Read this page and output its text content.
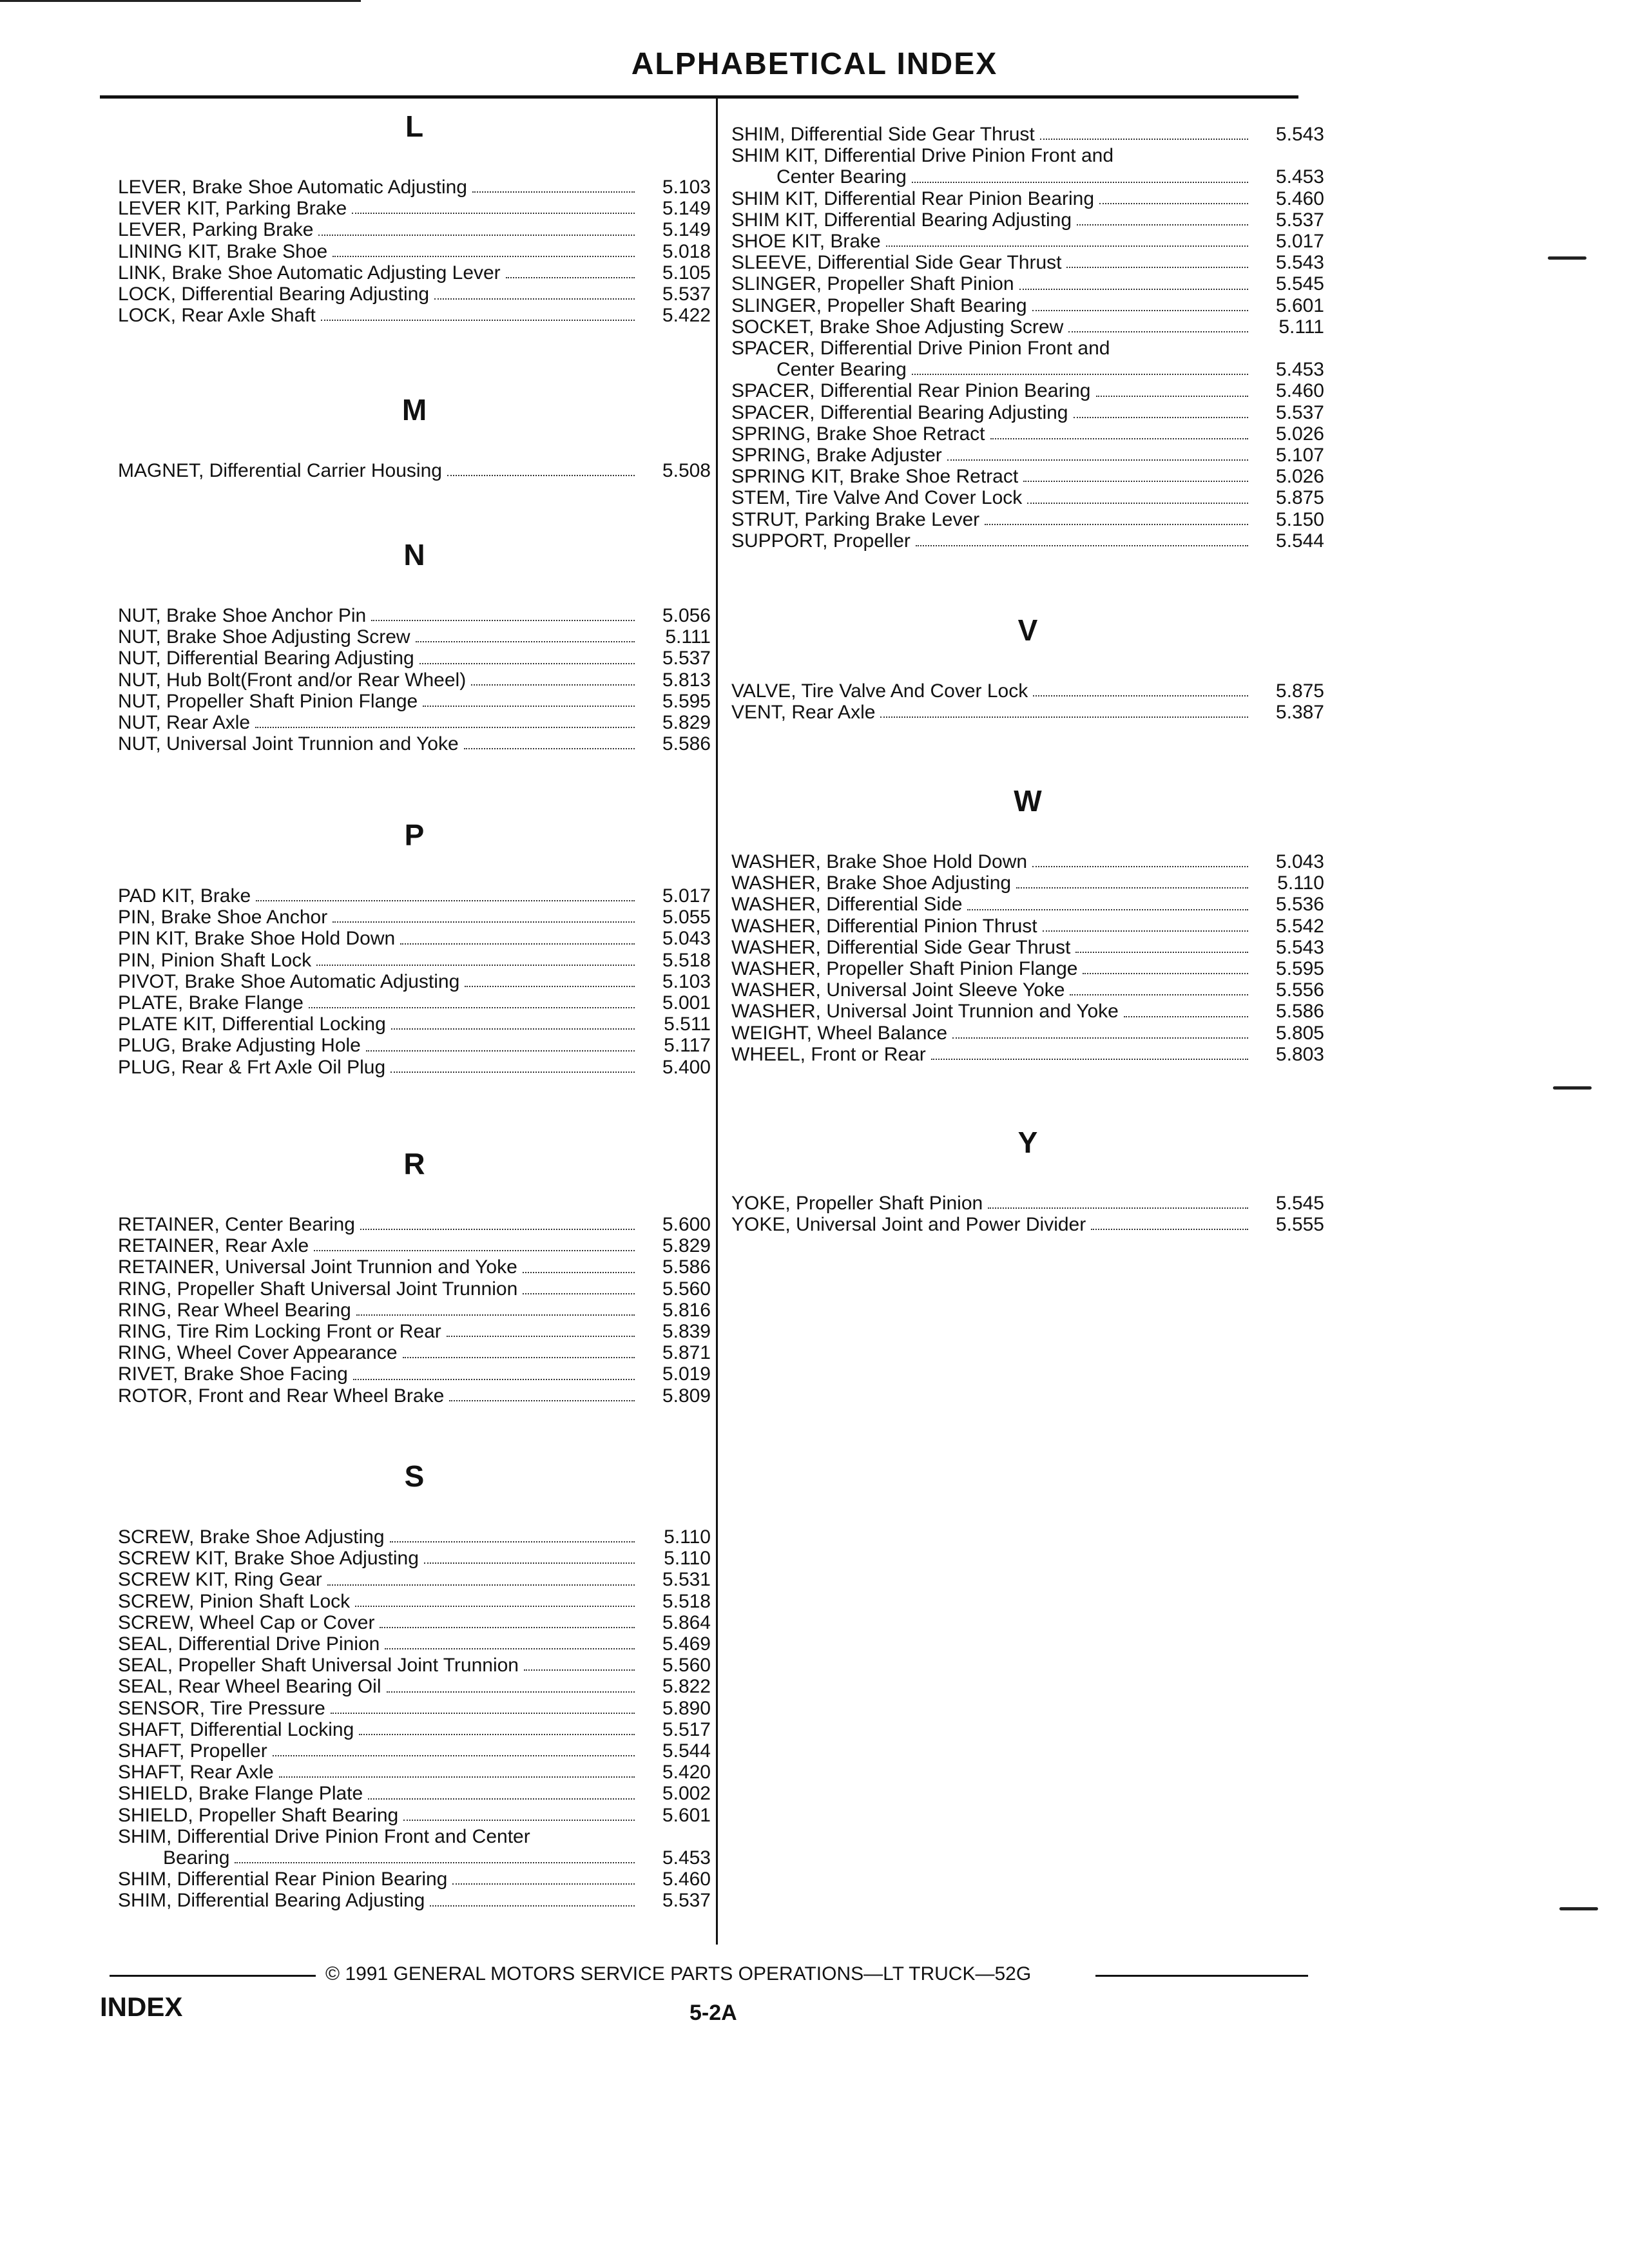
ALPHABETICAL INDEX
L
LEVER, Brake Shoe Automatic Adjusting	5.103
LEVER KIT, Parking Brake	5.149
LEVER, Parking Brake	5.149
LINING KIT, Brake Shoe	5.018
LINK, Brake Shoe Automatic Adjusting Lever	5.105
LOCK, Differential Bearing Adjusting	5.537
LOCK, Rear Axle Shaft	5.422
M
MAGNET, Differential Carrier Housing	5.508
N
NUT, Brake Shoe Anchor Pin	5.056
NUT, Brake Shoe Adjusting Screw	5.111
NUT, Differential Bearing Adjusting	5.537
NUT, Hub Bolt(Front and/or Rear Wheel)	5.813
NUT, Propeller Shaft Pinion Flange	5.595
NUT, Rear Axle	5.829
NUT, Universal Joint Trunnion and Yoke	5.586
P
PAD KIT, Brake	5.017
PIN, Brake Shoe Anchor	5.055
PIN KIT, Brake Shoe Hold Down	5.043
PIN, Pinion Shaft Lock	5.518
PIVOT, Brake Shoe Automatic Adjusting	5.103
PLATE, Brake Flange	5.001
PLATE KIT, Differential Locking	5.511
PLUG, Brake Adjusting Hole	5.117
PLUG, Rear & Frt Axle Oil Plug	5.400
R
RETAINER, Center Bearing	5.600
RETAINER, Rear Axle	5.829
RETAINER, Universal Joint Trunnion and Yoke	5.586
RING, Propeller Shaft Universal Joint Trunnion	5.560
RING, Rear Wheel Bearing	5.816
RING, Tire Rim Locking Front or Rear	5.839
RING, Wheel Cover Appearance	5.871
RIVET, Brake Shoe Facing	5.019
ROTOR, Front and Rear Wheel Brake	5.809
S
SCREW, Brake Shoe Adjusting	5.110
SCREW KIT, Brake Shoe Adjusting	5.110
SCREW KIT, Ring Gear	5.531
SCREW, Pinion Shaft Lock	5.518
SCREW, Wheel Cap or Cover	5.864
SEAL, Differential Drive Pinion	5.469
SEAL, Propeller Shaft Universal Joint Trunnion	5.560
SEAL, Rear Wheel Bearing Oil	5.822
SENSOR, Tire Pressure	5.890
SHAFT, Differential Locking	5.517
SHAFT, Propeller	5.544
SHAFT, Rear Axle	5.420
SHIELD, Brake Flange Plate	5.002
SHIELD, Propeller Shaft Bearing	5.601
SHIM, Differential Drive Pinion Front and Center
Bearing	5.453
SHIM, Differential Rear Pinion Bearing	5.460
SHIM, Differential Bearing Adjusting	5.537
SHIM, Differential Side Gear Thrust	5.543
SHIM KIT, Differential Drive Pinion Front and
Center Bearing	5.453
SHIM KIT, Differential Rear Pinion Bearing	5.460
SHIM KIT, Differential Bearing Adjusting	5.537
SHOE KIT, Brake	5.017
SLEEVE, Differential Side Gear Thrust	5.543
SLINGER, Propeller Shaft Pinion	5.545
SLINGER, Propeller Shaft Bearing	5.601
SOCKET, Brake Shoe Adjusting Screw	5.111
SPACER, Differential Drive Pinion Front and
Center Bearing	5.453
SPACER, Differential Rear Pinion Bearing	5.460
SPACER, Differential Bearing Adjusting	5.537
SPRING, Brake Shoe Retract	5.026
SPRING, Brake Adjuster	5.107
SPRING KIT, Brake Shoe Retract	5.026
STEM, Tire Valve And Cover Lock	5.875
STRUT, Parking Brake Lever	5.150
SUPPORT, Propeller	5.544
V
VALVE, Tire Valve And Cover Lock	5.875
VENT, Rear Axle	5.387
W
WASHER, Brake Shoe Hold Down	5.043
WASHER, Brake Shoe Adjusting	5.110
WASHER, Differential Side	5.536
WASHER, Differential Pinion Thrust	5.542
WASHER, Differential Side Gear Thrust	5.543
WASHER, Propeller Shaft Pinion Flange	5.595
WASHER, Universal Joint Sleeve Yoke	5.556
WASHER, Universal Joint Trunnion and Yoke	5.586
WEIGHT, Wheel Balance	5.805
WHEEL, Front or Rear	5.803
Y
YOKE, Propeller Shaft Pinion	5.545
YOKE, Universal Joint and Power Divider	5.555
© 1991 GENERAL MOTORS SERVICE PARTS OPERATIONS—LT TRUCK—52G
INDEX	5-2A
